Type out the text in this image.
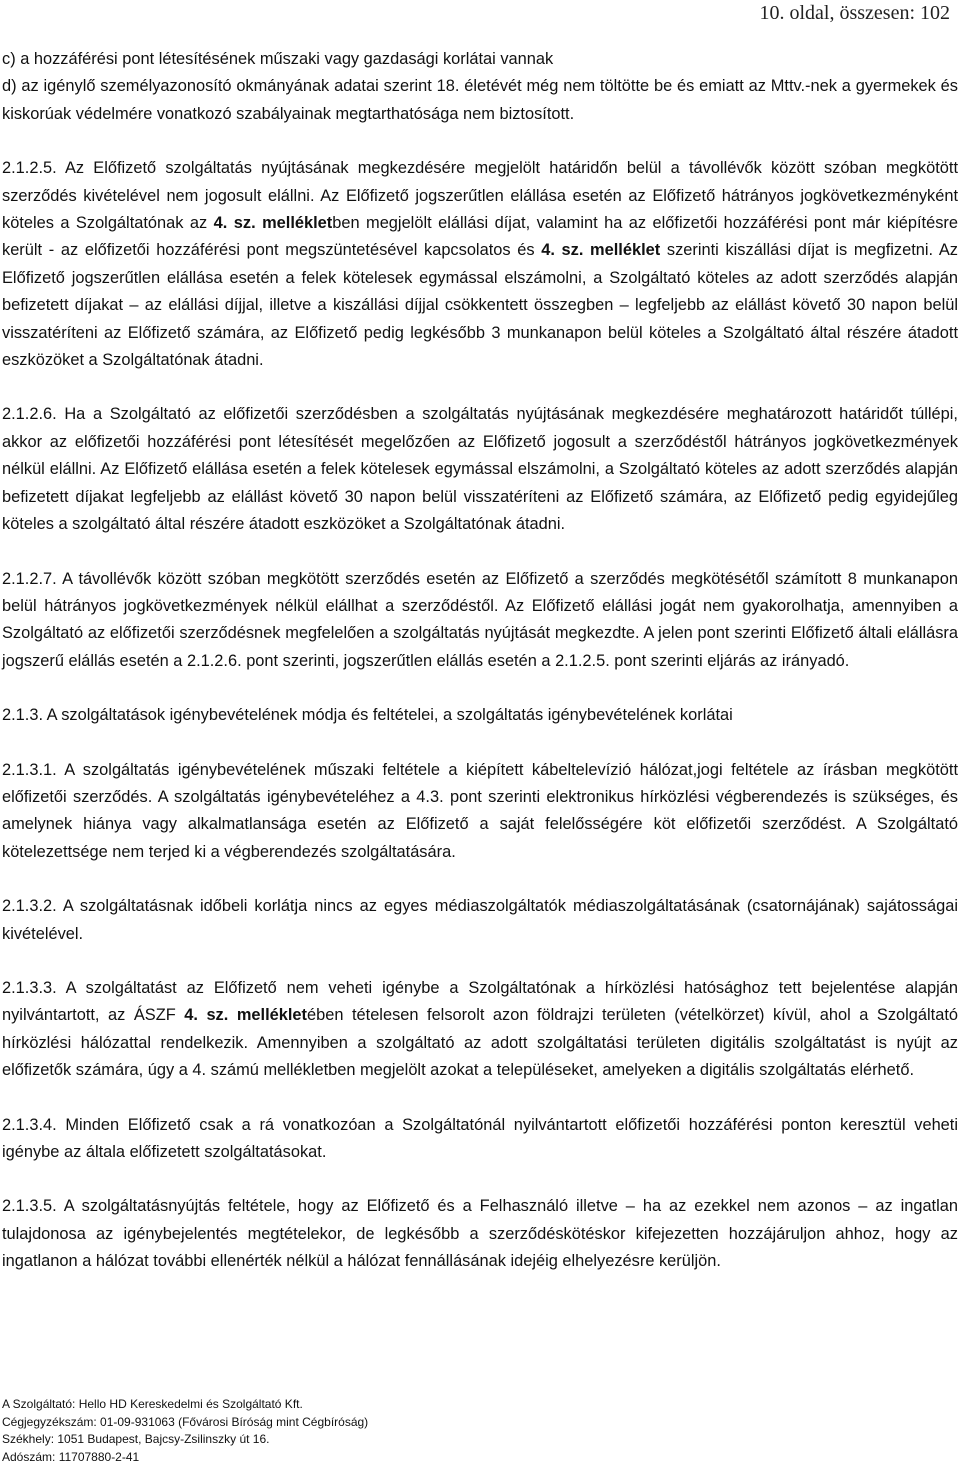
10. oldal, összesen: 102

c) a hozzáférési pont létesítésének műszaki vagy gazdasági korlátai vannak

d) az igénylő személyazonosító okmányának adatai szerint 18. életévét még nem töltötte be és emiatt az Mttv.-nek a gyermekek és kiskorúak védelmére vonatkozó szabályainak megtarthatósága nem biztosított.

2.1.2.5. Az Előfizető szolgáltatás nyújtásának megkezdésére megjelölt határidőn belül a távollévők között szóban megkötött szerződés kivételével nem jogosult elállni. Az Előfizető jogszerűtlen elállása esetén az Előfizető hátrányos jogkövetkezményként köteles a Szolgáltatónak az 4. sz. mellékletben megjelölt elállási díjat, valamint ha az előfizetői hozzáférési pont már kiépítésre került - az előfizetői hozzáférési pont megszüntetésével kapcsolatos és 4. sz. melléklet szerinti kiszállási díjat is megfizetni. Az Előfizető jogszerűtlen elállása esetén a felek kötelesek egymással elszámolni, a Szolgáltató köteles az adott szerződés alapján befizetett díjakat – az elállási díjjal, illetve a kiszállási díjjal csökkentett összegben – legfeljebb az elállást követő 30 napon belül visszatéríteni az Előfizető számára, az Előfizető pedig legkésőbb 3 munkanapon belül köteles a Szolgáltató által részére átadott eszközöket a Szolgáltatónak átadni.

2.1.2.6. Ha a Szolgáltató az előfizetői szerződésben a szolgáltatás nyújtásának megkezdésére meghatározott határidőt túllépi, akkor az előfizetői hozzáférési pont létesítését megelőzően az Előfizető jogosult a szerződéstől hátrányos jogkövetkezmények nélkül elállni. Az Előfizető elállása esetén a felek kötelesek egymással elszámolni, a Szolgáltató köteles az adott szerződés alapján befizetett díjakat legfeljebb az elállást követő 30 napon belül visszatéríteni az Előfizető számára, az Előfizető pedig egyidejűleg köteles a szolgáltató által részére átadott eszközöket a Szolgáltatónak átadni.

2.1.2.7. A távollévők között szóban megkötött szerződés esetén az Előfizető a szerződés megkötésétől számított 8 munkanapon belül hátrányos jogkövetkezmények nélkül elállhat a szerződéstől. Az Előfizető elállási jogát nem gyakorolhatja, amennyiben a Szolgáltató az előfizetői szerződésnek megfelelően a szolgáltatás nyújtását megkezdte. A jelen pont szerinti Előfizető általi elállásra jogszerű elállás esetén a 2.1.2.6. pont szerinti, jogszerűtlen elállás esetén a 2.1.2.5. pont szerinti eljárás az irányadó.

2.1.3. A szolgáltatások igénybevételének módja és feltételei, a szolgáltatás igénybevételének korlátai

2.1.3.1. A szolgáltatás igénybevételének műszaki feltétele a kiépített kábeltelevízió hálózat,jogi feltétele az írásban megkötött előfizetői szerződés. A szolgáltatás igénybevételéhez a 4.3. pont szerinti elektronikus hírközlési végberendezés is szükséges, és amelynek hiánya vagy alkalmatlansága esetén az Előfizető a saját felelősségére köt előfizetői szerződést. A Szolgáltató kötelezettsége nem terjed ki a végberendezés szolgáltatására.

2.1.3.2. A szolgáltatásnak időbeli korlátja nincs az egyes médiaszolgáltatók médiaszolgáltatásának (csatornájának) sajátosságai kivételével.

2.1.3.3. A szolgáltatást az Előfizető nem veheti igénybe a Szolgáltatónak a hírközlési hatósághoz tett bejelentése alapján nyilvántartott, az ÁSZF 4. sz. mellékletében tételesen felsorolt azon földrajzi területen (vételkörzet) kívül, ahol a Szolgáltató hírközlési hálózattal rendelkezik. Amennyiben a szolgáltató az adott szolgáltatási területen digitális szolgáltatást is nyújt az előfizetők számára, úgy a 4. számú mellékletben megjelölt azokat a településeket, amelyeken a digitális szolgáltatás elérhető.

2.1.3.4. Minden Előfizető csak a rá vonatkozóan a Szolgáltatónál nyilvántartott előfizetői hozzáférési ponton keresztül veheti igénybe az általa előfizetett szolgáltatásokat.

2.1.3.5. A szolgáltatásnyújtás feltétele, hogy az Előfizető és a Felhasználó illetve – ha az ezekkel nem azonos – az ingatlan tulajdonosa az igénybejelentés megtételekor, de legkésőbb a szerződéskötéskor kifejezetten hozzájáruljon ahhoz, hogy az ingatlanon a hálózat további ellenérték nélkül a hálózat fennállásának idejéig elhelyezésre kerüljön.

A Szolgáltató: Hello HD Kereskedelmi és Szolgáltató Kft.
Cégjegyzékszám: 01-09-931063 (Fővárosi Bíróság mint Cégbíróság)
Székhely: 1051 Budapest, Bajcsy-Zsilinszky út 16.
Adószám: 11707880-2-41
